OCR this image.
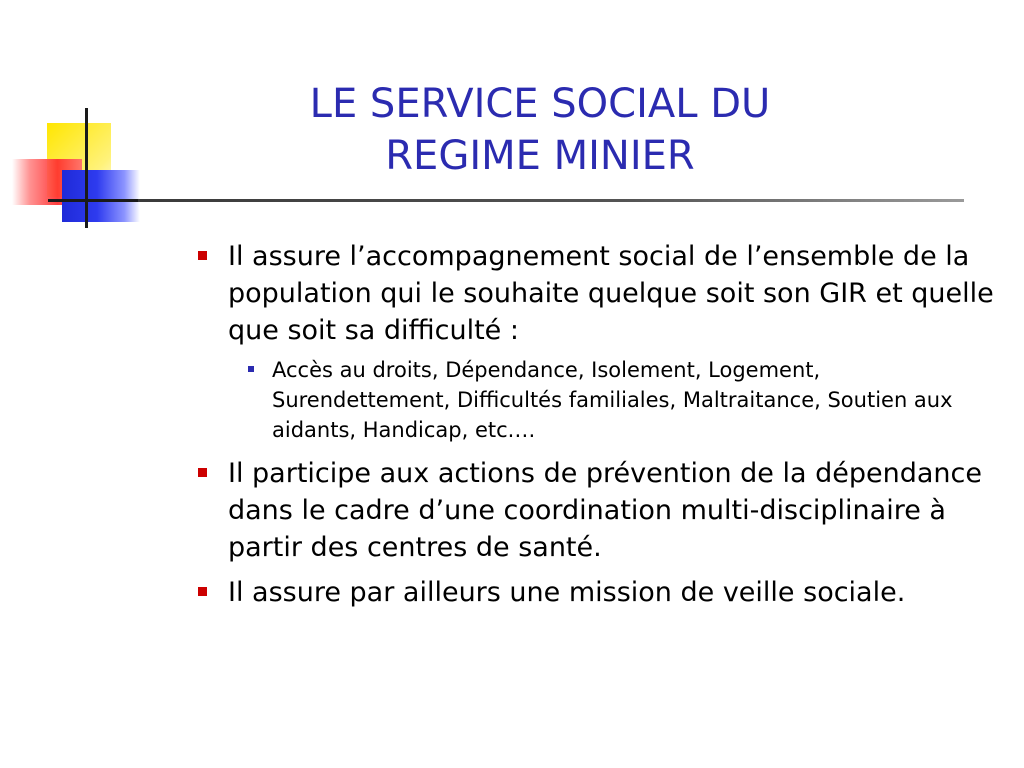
LE SERVICE SOCIAL DU
REGIME MINIER
Il assure l’accompagnement social de l’ensemble de la population qui le souhaite quelque soit son GIR et quelle que soit sa difficulté :
Accès au droits, Dépendance, Isolement, Logement, Surendettement, Difficultés familiales, Maltraitance, Soutien aux aidants, Handicap, etc.…
Il participe aux actions de prévention de la dépendance dans le cadre d’une coordination multi-disciplinaire à partir des centres de santé.
Il assure par ailleurs une mission de veille sociale.
